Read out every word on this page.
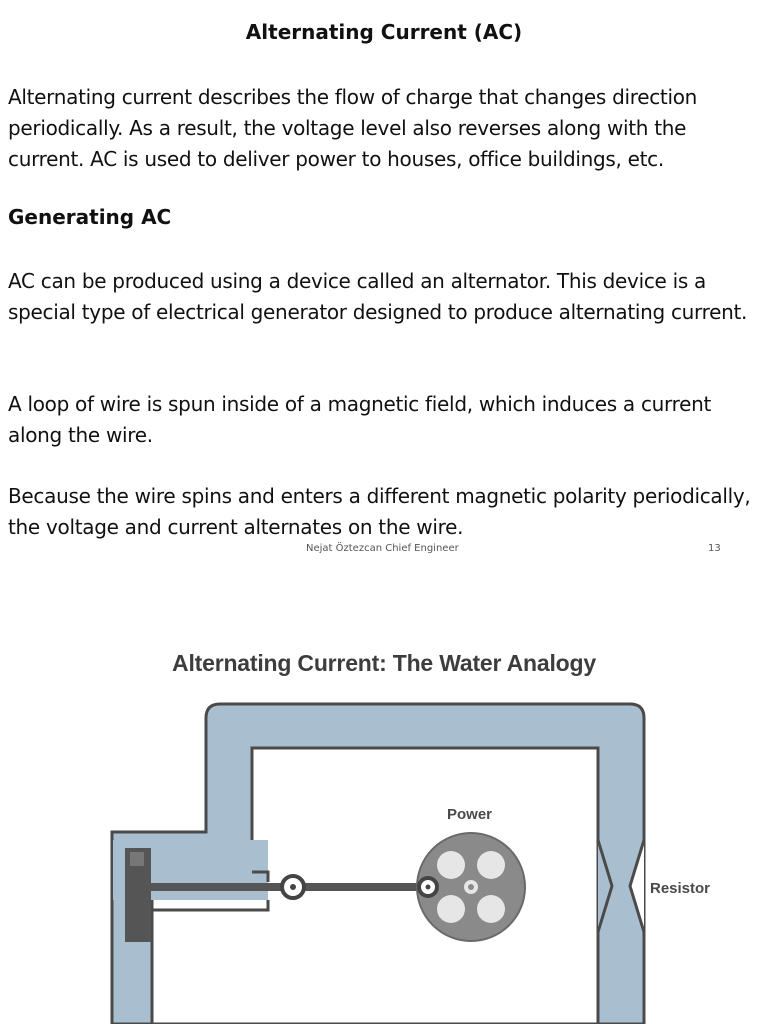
Alternating Current (AC)

Alternating current describes the flow of charge that changes direction periodically. As a result, the voltage level also reverses along with the current. AC is used to deliver power to houses, office buildings, etc.

Generating AC

AC can be produced using a device called an alternator. This device is a special type of electrical generator designed to produce alternating current.

A loop of wire is spun inside of a magnetic field, which induces a current along the wire.

Because the wire spins and enters a different magnetic polarity periodically, the voltage and current alternates on the wire.

Nejat Öztezcan Chief Engineer	13
Alternating Current: The Water Analogy
Power
Resistor
